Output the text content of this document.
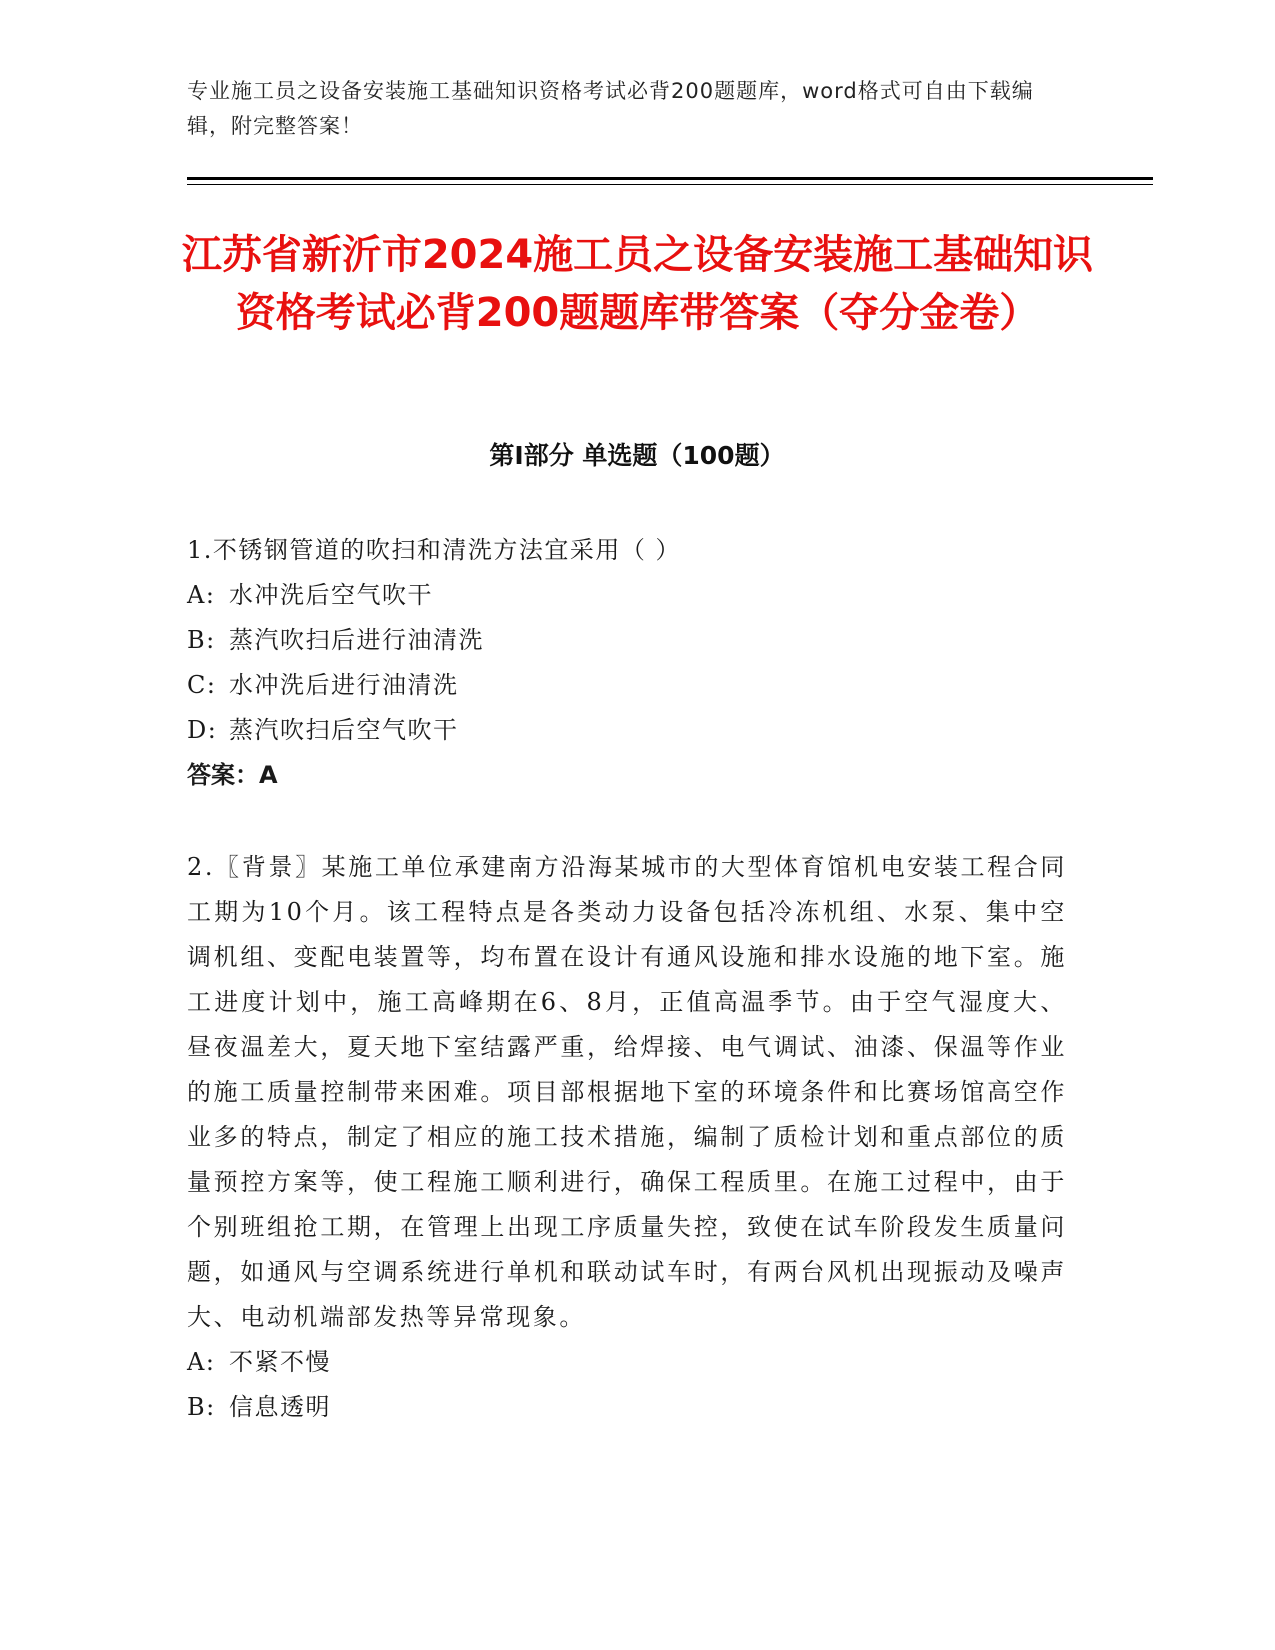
专业施工员之设备安装施工基础知识资格考试必背200题题库，word格式可自由下载编辑，附完整答案！
江苏省新沂市2024施工员之设备安装施工基础知识资格考试必背200题题库带答案（夺分金卷）
第Ⅰ部分 单选题（100题）
1.不锈钢管道的吹扫和清洗方法宜采用（ ）
A: 水冲洗后空气吹干
B: 蒸汽吹扫后进行油清洗
C: 水冲洗后进行油清洗
D: 蒸汽吹扫后空气吹干
答案：A
2.〖背景〗某施工单位承建南方沿海某城市的大型体育馆机电安装工程合同工期为10个月。该工程特点是各类动力设备包括冷冻机组、水泵、集中空调机组、变配电装置等，均布置在设计有通风设施和排水设施的地下室。施工进度计划中，施工高峰期在6、8月，正值高温季节。由于空气湿度大、昼夜温差大，夏天地下室结露严重，给焊接、电气调试、油漆、保温等作业的施工质量控制带来困难。项目部根据地下室的环境条件和比赛场馆高空作业多的特点，制定了相应的施工技术措施，编制了质检计划和重点部位的质量预控方案等，使工程施工顺利进行，确保工程质里。在施工过程中，由于个别班组抢工期，在管理上出现工序质量失控，致使在试车阶段发生质量问题，如通风与空调系统进行单机和联动试车时，有两台风机出现振动及噪声大、电动机端部发热等异常现象。
A: 不紧不慢
B: 信息透明
